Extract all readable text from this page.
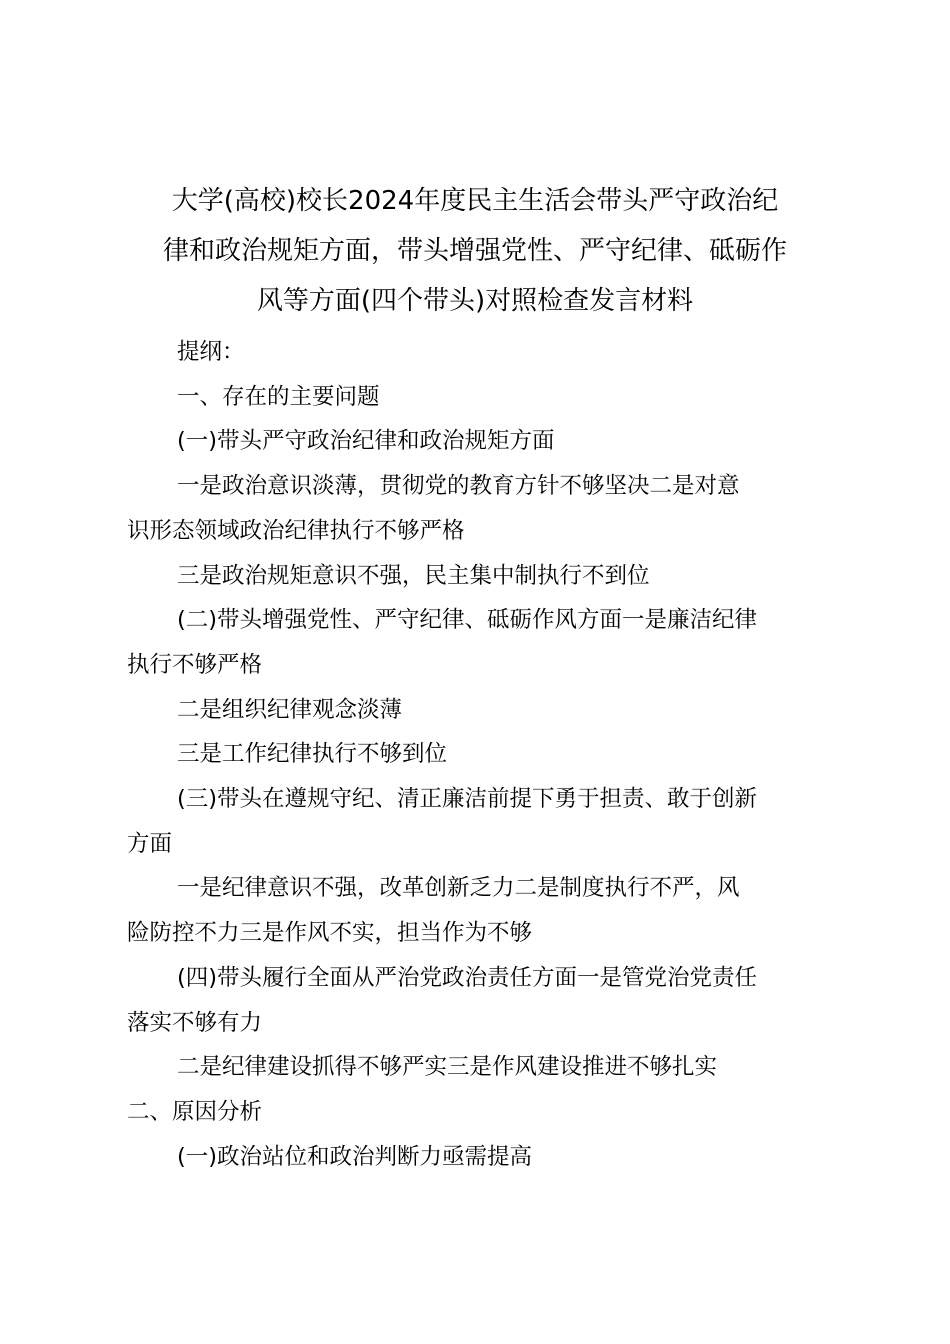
大学(高校)校长2024年度民主生活会带头严守政治纪
律和政治规矩方面，带头增强党性、严守纪律、砥砺作
风等方面(四个带头)对照检查发言材料

提纲：

一、存在的主要问题

(一)带头严守政治纪律和政治规矩方面

一是政治意识淡薄，贯彻党的教育方针不够坚决二是对意

识形态领域政治纪律执行不够严格

三是政治规矩意识不强，民主集中制执行不到位

(二)带头增强党性、严守纪律、砥砺作风方面一是廉洁纪律

执行不够严格

二是组织纪律观念淡薄

三是工作纪律执行不够到位

(三)带头在遵规守纪、清正廉洁前提下勇于担责、敢于创新

方面

一是纪律意识不强，改革创新乏力二是制度执行不严，风

险防控不力三是作风不实，担当作为不够

(四)带头履行全面从严治党政治责任方面一是管党治党责任

落实不够有力

二是纪律建设抓得不够严实三是作风建设推进不够扎实

二、原因分析

(一)政治站位和政治判断力亟需提高
